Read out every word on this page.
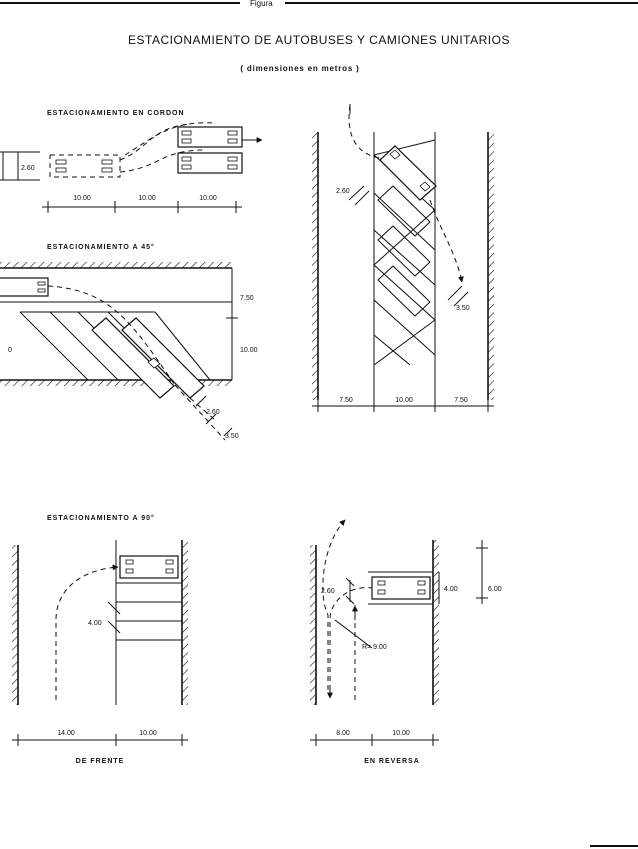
Figura
ESTACIONAMIENTO DE AUTOBUSES Y CAMIONES UNITARIOS
( dimensiones en metros )
ESTACIONAMIENTO EN CORDON
2.60
10.00	10.00	10.00
ESTACIONAMIENTO A 45°
2.60
3.50
7.50
10.00
0
2.60
3.50
7.50	10.00	7.50
ESTACIONAMIENTO A 90°
4.00
14.00	10.00
DE FRENTE
R= 9.00
2.60	4.00	6.00
8.00	10.00
EN REVERSA
